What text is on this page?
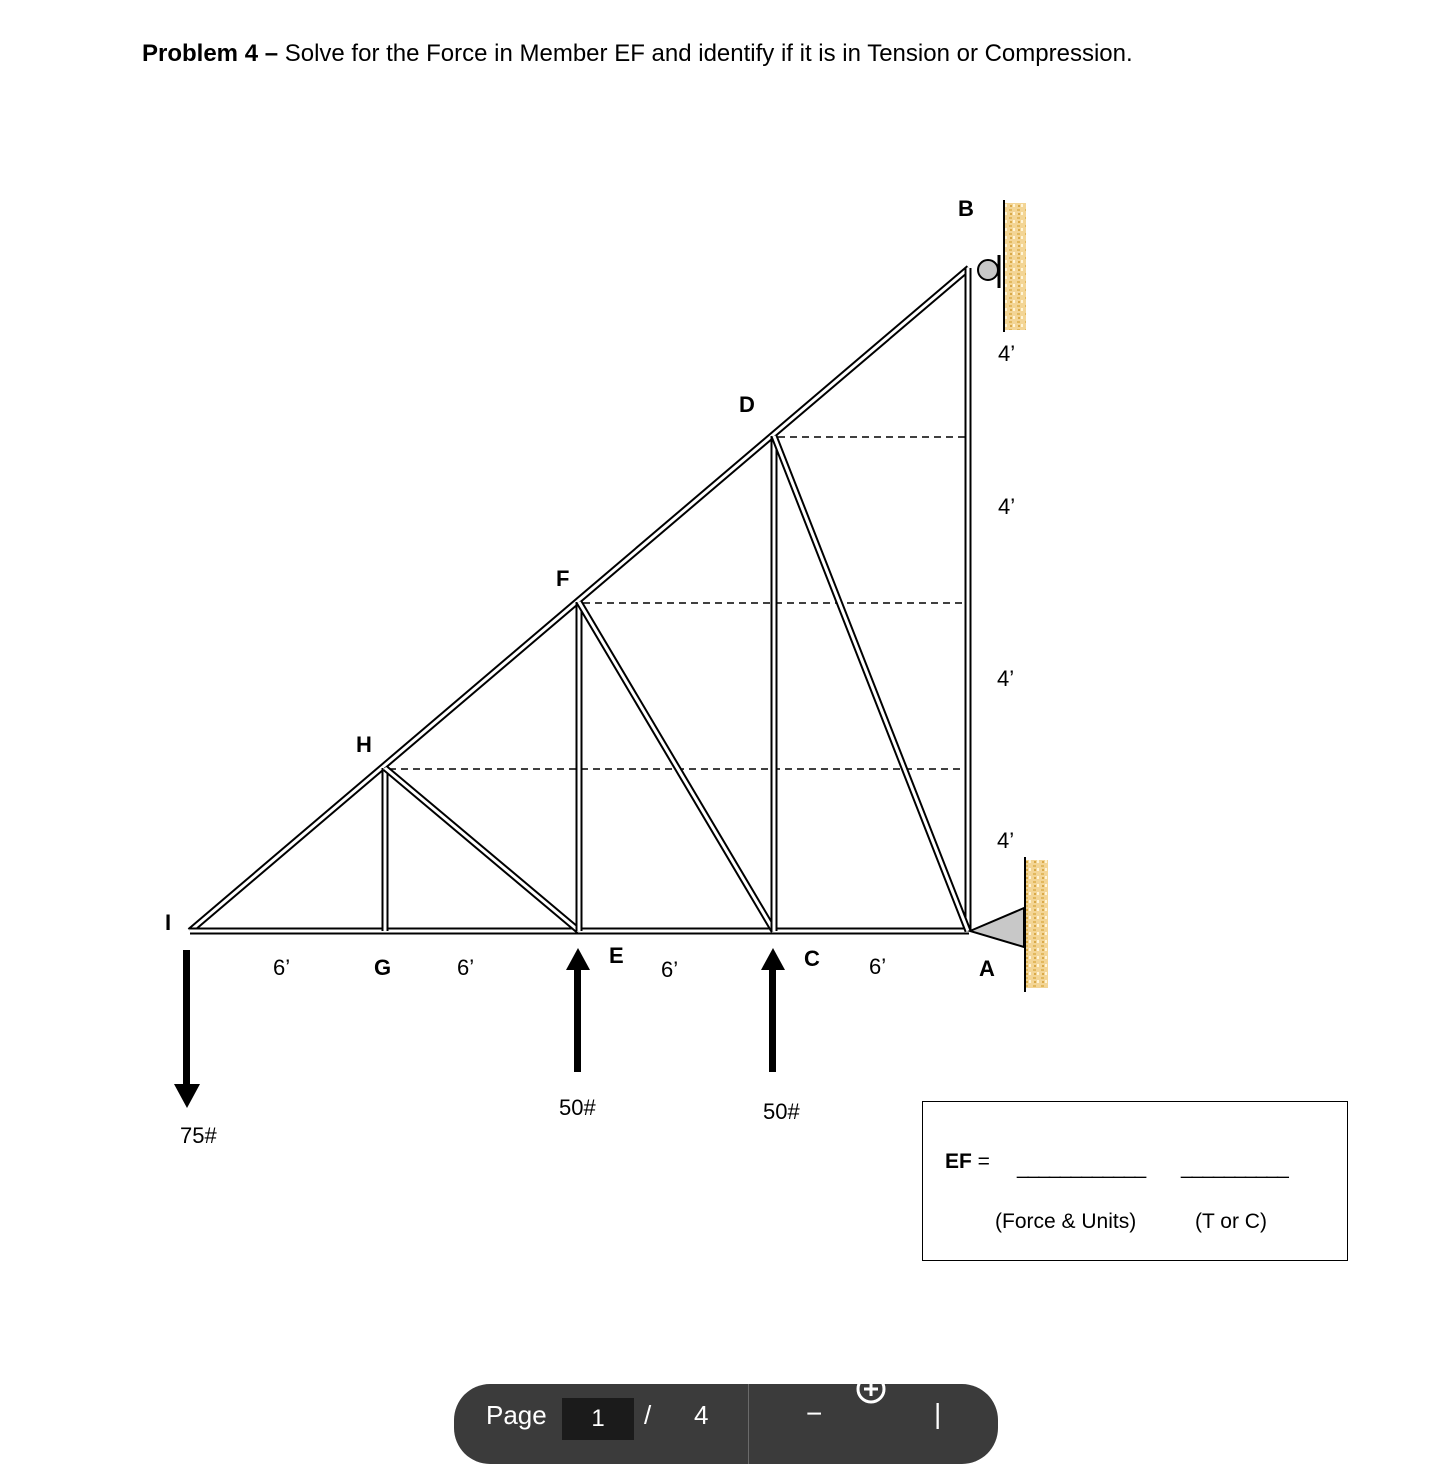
Problem 4 – Solve for the Force in Member EF and identify if it is in Tension or Compression.

B
D
F
H
I
G	E	C	A
6’	6’	6’	6’
4’
4’
4’
4’
75#
50#	50#
EF = ____________ __________
(Force & Units)	(T or C)
Page
1	/ 4	−	|
